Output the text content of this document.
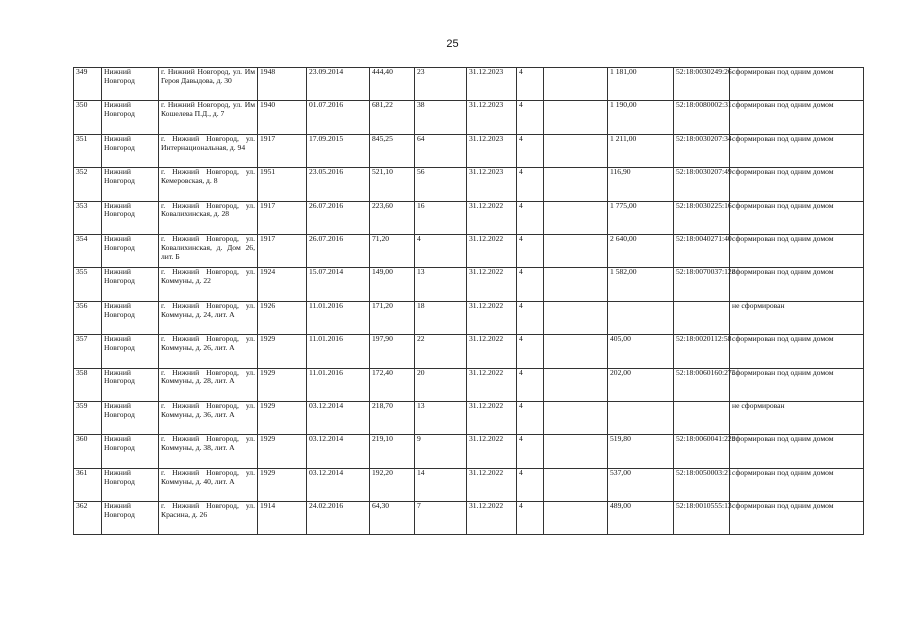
25
349	Нижний Новгород	г. Нижний Новгород, ул. Им Героя Давыдова, д. 30	1948	23.09.2014	444,40	23	31.12.2023	4		1 181,00	52:18:0030249:26	сформирован под одним домом
350	Нижний Новгород	г. Нижний Новгород, ул. Им Кошелева П.Д., д. 7	1940	01.07.2016	681,22	38	31.12.2023	4		1 190,00	52:18:0080002:31	сформирован под одним домом
351	Нижний Новгород	г. Нижний Новгород, ул. Интернациональная, д. 94	1917	17.09.2015	845,25	64	31.12.2023	4		1 211,00	52:18:0030207:34	сформирован под одним домом
352	Нижний Новгород	г. Нижний Новгород, ул. Кемеровская, д. 8	1951	23.05.2016	521,10	56	31.12.2023	4		116,90	52:18:0030207:49	сформирован под одним домом
353	Нижний Новгород	г. Нижний Новгород, ул. Ковалихинская, д. 28	1917	26.07.2016	223,60	16	31.12.2022	4		1 775,00	52:18:0030225:16	сформирован под одним домом
354	Нижний Новгород	г. Нижний Новгород, ул. Ковалихинская, д. Дом 26, лит. Б	1917	26.07.2016	71,20	4	31.12.2022	4		2 640,00	52:18:0040271:40	сформирован под одним домом
355	Нижний Новгород	г. Нижний Новгород, ул. Коммуны, д. 22	1924	15.07.2014	149,00	13	31.12.2022	4		1 582,00	52:18:0070037:128	сформирован под одним домом
356	Нижний Новгород	г. Нижний Новгород, ул. Коммуны, д. 24, лит. А	1926	11.01.2016	171,20	18	31.12.2022	4				не сформирован
357	Нижний Новгород	г. Нижний Новгород, ул. Коммуны, д. 26, лит. А	1929	11.01.2016	197,90	22	31.12.2022	4		405,00	52:18:0020112:58	сформирован под одним домом
358	Нижний Новгород	г. Нижний Новгород, ул. Коммуны, д. 28, лит. А	1929	11.01.2016	172,40	20	31.12.2022	4		202,00	52:18:0060160:275	сформирован под одним домом
359	Нижний Новгород	г. Нижний Новгород, ул. Коммуны, д. 36, лит. А	1929	03.12.2014	218,70	13	31.12.2022	4				не сформирован
360	Нижний Новгород	г. Нижний Новгород, ул. Коммуны, д. 38, лит. А	1929	03.12.2014	219,10	9	31.12.2022	4		519,80	52:18:0060041:229	сформирован под одним домом
361	Нижний Новгород	г. Нижний Новгород, ул. Коммуны, д. 40, лит. А	1929	03.12.2014	192,20	14	31.12.2022	4		537,00	52:18:0050003:21	сформирован под одним домом
362	Нижний Новгород	г. Нижний Новгород, ул. Красина, д. 26	1914	24.02.2016	64,30	7	31.12.2022	4		489,00	52:18:0010555:13	сформирован под одним домом
